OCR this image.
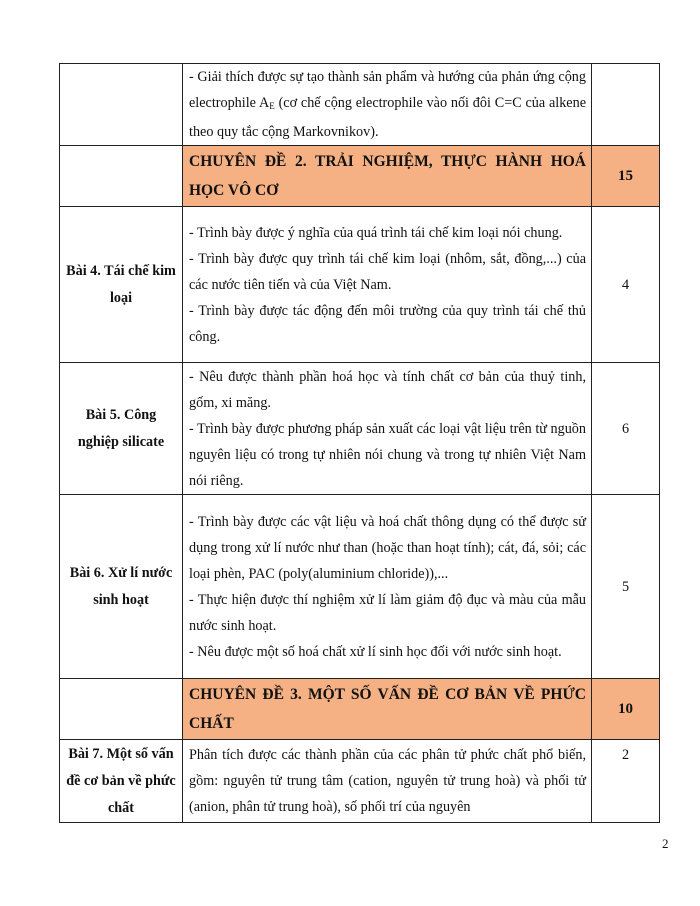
	- Giải thích được sự tạo thành sản phẩm và hướng của phản ứng cộng electrophile $A_E$ (cơ chế cộng electrophile vào nối đôi C=C của alkene theo quy tắc cộng Markovnikov).	
	CHUYÊN ĐỀ 2. TRẢI NGHIỆM, THỰC HÀNH HOÁ HỌC VÔ CƠ	15
Bài 4. Tái chế kim loại	- Trình bày được ý nghĩa của quá trình tái chế kim loại nói chung.
- Trình bày được quy trình tái chế kim loại (nhôm, sắt, đồng,...) của các nước tiên tiến và của Việt Nam.
- Trình bày được tác động đến môi trường của quy trình tái chế thủ công.	4
Bài 5. Công nghiệp silicate	- Nêu được thành phần hoá học và tính chất cơ bản của thuỷ tinh, gốm, xi măng.
- Trình bày được phương pháp sản xuất các loại vật liệu trên từ nguồn nguyên liệu có trong tự nhiên nói chung và trong tự nhiên Việt Nam nói riêng.	6
Bài 6. Xử lí nước sinh hoạt	- Trình bày được các vật liệu và hoá chất thông dụng có thể được sử dụng trong xử lí nước như than (hoặc than hoạt tính); cát, đá, sỏi; các loại phèn, PAC (poly(aluminium chloride)),...
- Thực hiện được thí nghiệm xử lí làm giảm độ đục và màu của mẫu nước sinh hoạt.
- Nêu được một số hoá chất xử lí sinh học đối với nước sinh hoạt.	5
	CHUYÊN ĐỀ 3. MỘT SỐ VẤN ĐỀ CƠ BẢN VỀ PHỨC CHẤT	10
Bài 7. Một số vấn đề cơ bản về phức chất	Phân tích được các thành phần của các phân tử phức chất phổ biến, gồm: nguyên tử trung tâm (cation, nguyên tử trung hoà) và phối tử (anion, phân tử trung hoà), số phối trí của nguyên	2
2
